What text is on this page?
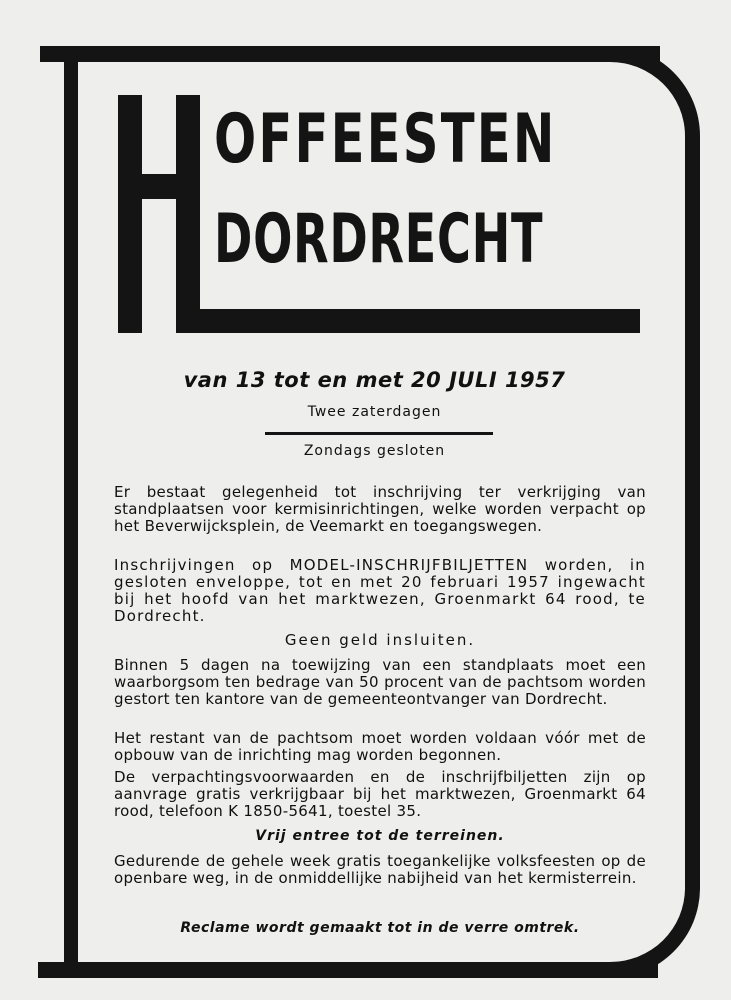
OFFEESTEN
DORDRECHT

van 13 tot en met 20 JULI 1957

Twee zaterdagen

Zondags gesloten

Er bestaat gelegenheid tot inschrijving ter verkrijging van standplaatsen voor kermisinrichtingen, welke worden verpacht op het Beverwijcksplein, de Veemarkt en toegangswegen.

Inschrijvingen op MODEL-INSCHRIJFBILJETTEN worden, in gesloten enveloppe, tot en met 20 februari 1957 ingewacht bij het hoofd van het marktwezen, Groenmarkt 64 rood, te Dordrecht.

Geen geld insluiten.

Binnen 5 dagen na toewijzing van een standplaats moet een waarborgsom ten bedrage van 50 procent van de pachtsom worden gestort ten kantore van de gemeenteontvanger van Dordrecht.

Het restant van de pachtsom moet worden voldaan vóór met de opbouw van de inrichting mag worden begonnen.

De verpachtingsvoorwaarden en de inschrijfbiljetten zijn op aanvrage gratis verkrijgbaar bij het marktwezen, Groenmarkt 64 rood, telefoon K 1850-5641, toestel 35.

Vrij entree tot de terreinen.

Gedurende de gehele week gratis toegankelijke volksfeesten op de openbare weg, in de onmiddellijke nabijheid van het kermisterrein.

Reclame wordt gemaakt tot in de verre omtrek.
